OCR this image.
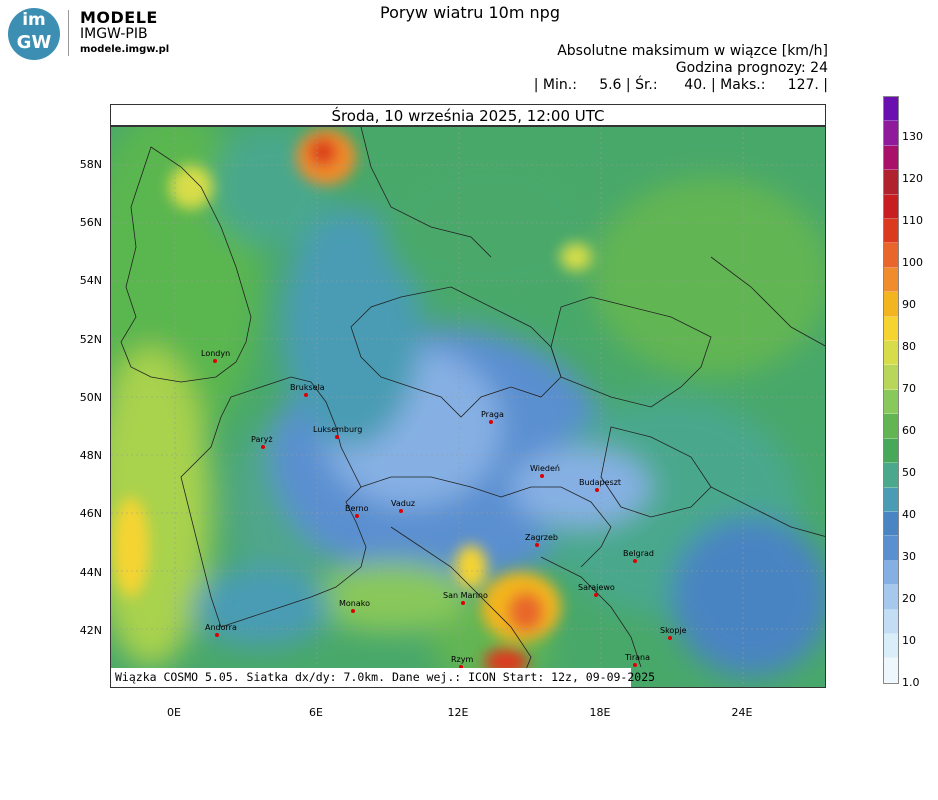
im
GW
MODELE
IMGW-PIB
modele.imgw.pl
Poryw wiatru 10m npg
Absolutne maksimum w wiązce [km/h]
Godzina prognozy: 24
| Min.:     5.6 | Śr.:      40. | Maks.:     127. |
Środa, 10 września 2025, 12:00 UTC
Londyn
Bruksela
Paryż
Luksemburg
Berno
Vaduz
Praga
Wiedeń
Budapeszt
Zagrzeb
Belgrad
Sarajewo
San Marino
Monako
Andorra	Skopje
Tirana
Rzym
Wiązka COSMO 5.05. Siatka dx/dy: 7.0km. Dane wej.: ICON Start: 12z, 09-09-2025
58N
56N
54N
52N
50N
48N
46N
44N
42N
0E	6E	12E	18E	24E
130
120
110
100
90
80
70
60
50
40
30
20
10
1.0
